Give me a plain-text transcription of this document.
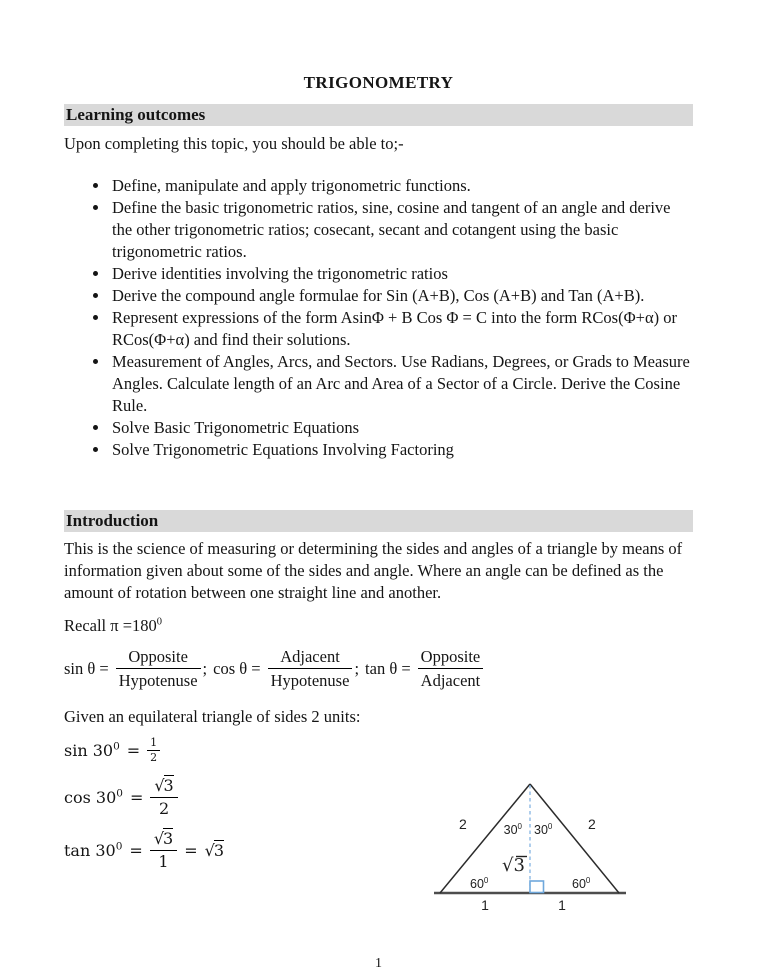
TRIGONOMETRY
Learning outcomes

Upon completing this topic, you should be able to;-

• Define, manipulate and apply trigonometric functions.
• Define the basic trigonometric ratios, sine, cosine and tangent of an angle and derive the other trigonometric ratios; cosecant, secant and cotangent using the basic trigonometric ratios.
• Derive identities involving the trigonometric ratios
• Derive the compound angle formulae for Sin (A+B), Cos (A+B) and Tan (A+B).
• Represent expressions of the form AsinΦ + B Cos Φ = C into the form RCos(Φ+α) or RCos(Φ+α) and find their solutions.
• Measurement of Angles, Arcs, and Sectors. Use Radians, Degrees, or Grads to Measure Angles. Calculate length of an Arc and Area of a Sector of a Circle. Derive the Cosine Rule.
• Solve Basic Trigonometric Equations
• Solve Trigonometric Equations Involving Factoring
Introduction

This is the science of measuring or determining the sides and angles of a triangle by means of information given about some of the sides and angle. Where an angle can be defined as the amount of rotation between one straight line and another.

Recall $\pi =180^0$

$\sin \theta = \frac{\text{Opposite}}{\text{Hypotenuse}}$ ; $\cos \theta = \frac{\text{Adjacent}}{\text{Hypotenuse}}$ ; $\tan \theta = \frac{\text{Opposite}}{\text{Adjacent}}$

Given an equilateral triangle of sides 2 units:

$\sin 30^0 = \frac{1}{2}$
$\cos 30^0 = \frac{√3}{2}$
$\tan 30^0 = \frac{√3}{1} = √3$
2	2
$30^0$ $30^0$
√3
$60^0$	$60^0$
1	1
1
